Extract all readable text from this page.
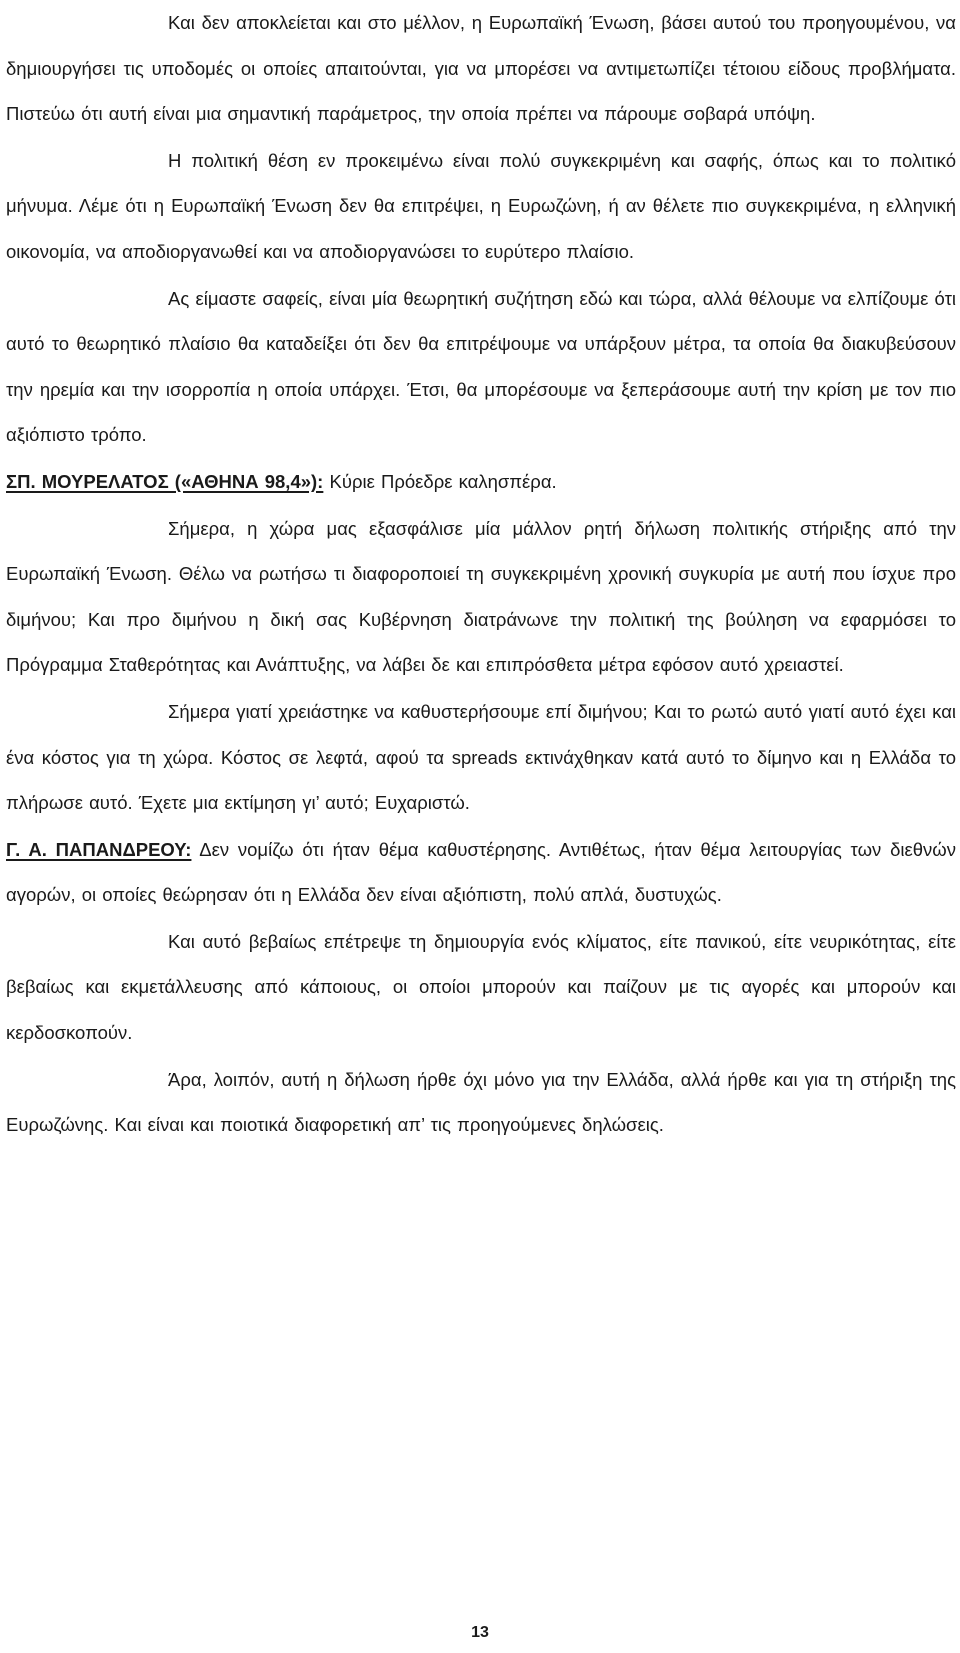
Και δεν αποκλείεται και στο μέλλον, η Ευρωπαϊκή Ένωση, βάσει αυτού του προηγουμένου, να δημιουργήσει τις υποδομές οι οποίες απαιτούνται, για να μπορέσει να αντιμετωπίζει τέτοιου είδους προβλήματα. Πιστεύω ότι αυτή είναι μια σημαντική παράμετρος, την οποία πρέπει να πάρουμε σοβαρά υπόψη.

Η πολιτική θέση εν προκειμένω είναι πολύ συγκεκριμένη και σαφής, όπως και το πολιτικό μήνυμα. Λέμε ότι η Ευρωπαϊκή Ένωση δεν θα επιτρέψει, η Ευρωζώνη, ή αν θέλετε πιο συγκεκριμένα, η ελληνική οικονομία, να αποδιοργανωθεί και να αποδιοργανώσει το ευρύτερο πλαίσιο.

Ας είμαστε σαφείς, είναι μία θεωρητική συζήτηση εδώ και τώρα, αλλά θέλουμε να ελπίζουμε ότι αυτό το θεωρητικό πλαίσιο θα καταδείξει ότι δεν θα επιτρέψουμε να υπάρξουν μέτρα, τα οποία θα διακυβεύσουν την ηρεμία και την ισορροπία η οποία υπάρχει. Έτσι, θα μπορέσουμε να ξεπεράσουμε αυτή την κρίση με τον πιο αξιόπιστο τρόπο.

ΣΠ. ΜΟΥΡΕΛΑΤΟΣ («ΑΘΗΝΑ 98,4»): Κύριε Πρόεδρε καλησπέρα.

Σήμερα, η χώρα μας εξασφάλισε μία μάλλον ρητή δήλωση πολιτικής στήριξης από την Ευρωπαϊκή Ένωση. Θέλω να ρωτήσω τι διαφοροποιεί τη συγκεκριμένη χρονική συγκυρία με αυτή που ίσχυε προ διμήνου; Και προ διμήνου η δική σας Κυβέρνηση διατράνωνε την πολιτική της βούληση να εφαρμόσει το Πρόγραμμα Σταθερότητας και Ανάπτυξης, να λάβει δε και επιπρόσθετα μέτρα εφόσον αυτό χρειαστεί.

Σήμερα γιατί χρειάστηκε να καθυστερήσουμε επί διμήνου; Και το ρωτώ αυτό γιατί αυτό έχει και ένα κόστος για τη χώρα. Κόστος σε λεφτά, αφού τα spreads εκτινάχθηκαν κατά αυτό το δίμηνο και η Ελλάδα το πλήρωσε αυτό. Έχετε μια εκτίμηση γι’ αυτό; Ευχαριστώ.

Γ. Α. ΠΑΠΑΝΔΡΕΟΥ: Δεν νομίζω ότι ήταν θέμα καθυστέρησης. Αντιθέτως, ήταν θέμα λειτουργίας των διεθνών αγορών, οι οποίες θεώρησαν ότι η Ελλάδα δεν είναι αξιόπιστη, πολύ απλά, δυστυχώς.

Και αυτό βεβαίως επέτρεψε τη δημιουργία ενός κλίματος, είτε πανικού, είτε νευρικότητας, είτε βεβαίως και εκμετάλλευσης από κάποιους, οι οποίοι μπορούν και παίζουν με τις αγορές και μπορούν και κερδοσκοπούν.

Άρα, λοιπόν, αυτή η δήλωση ήρθε όχι μόνο για την Ελλάδα, αλλά ήρθε και για τη στήριξη της Ευρωζώνης. Και είναι και ποιοτικά διαφορετική απ’ τις προηγούμενες δηλώσεις.

13
